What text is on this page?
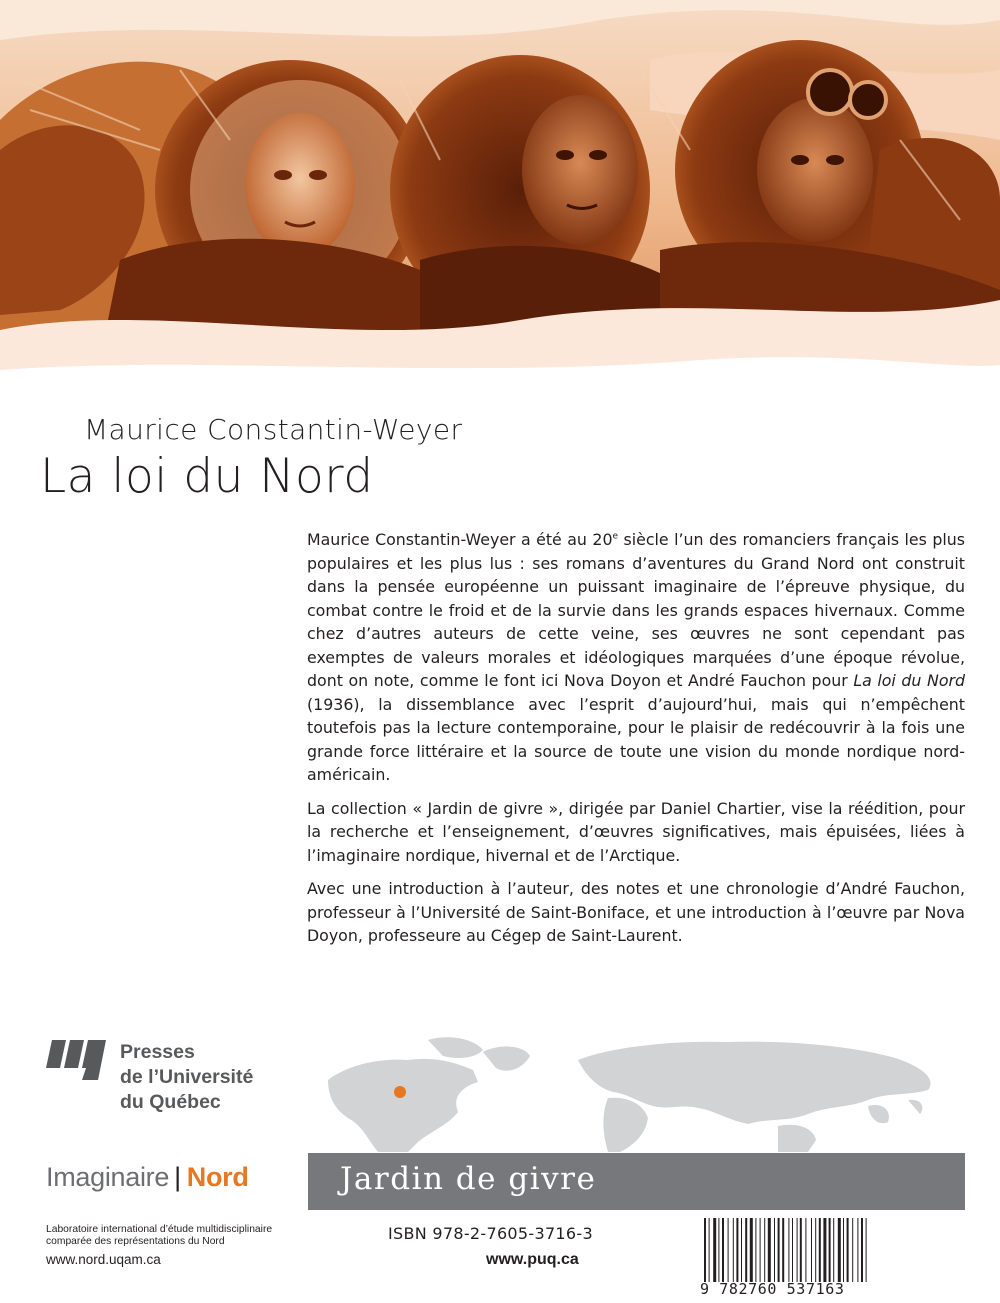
Maurice Constantin-Weyer
La loi du Nord

Maurice Constantin-Weyer a été au 20e siècle l’un des romanciers français les plus populaires et les plus lus : ses romans d’aventures du Grand Nord ont construit dans la pensée européenne un puissant imaginaire de l’épreuve physique, du combat contre le froid et de la survie dans les grands espaces hivernaux. Comme chez d’autres auteurs de cette veine, ses œuvres ne sont cependant pas exemptes de valeurs morales et idéologiques marquées d’une époque révolue, dont on note, comme le font ici Nova Doyon et André Fauchon pour La loi du Nord (1936), la dissemblance avec l’esprit d’aujourd’hui, mais qui n’empêchent toutefois pas la lecture contemporaine, pour le plaisir de redécouvrir à la fois une grande force littéraire et la source de toute une vision du monde nordique nord-américain.

La collection « Jardin de givre », dirigée par Daniel Chartier, vise la réédition, pour la recherche et l’enseignement, d’œuvres significatives, mais épuisées, liées à l’imaginaire nordique, hivernal et de l’Arctique.

Avec une introduction à l’auteur, des notes et une chronologie d’André Fauchon, professeur à l’Université de Saint-Boniface, et une introduction à l’œuvre par Nova Doyon, professeure au Cégep de Saint-Laurent.

Presses
de l’Université
du Québec
Imaginaire | Nord	Jardin de givre
Laboratoire international d’étude multidisciplinaire
comparée des représentations du Nord

www.nord.uqam.ca

ISBN 978-2-7605-3716-3

www.puq.ca

9 782760 537163
